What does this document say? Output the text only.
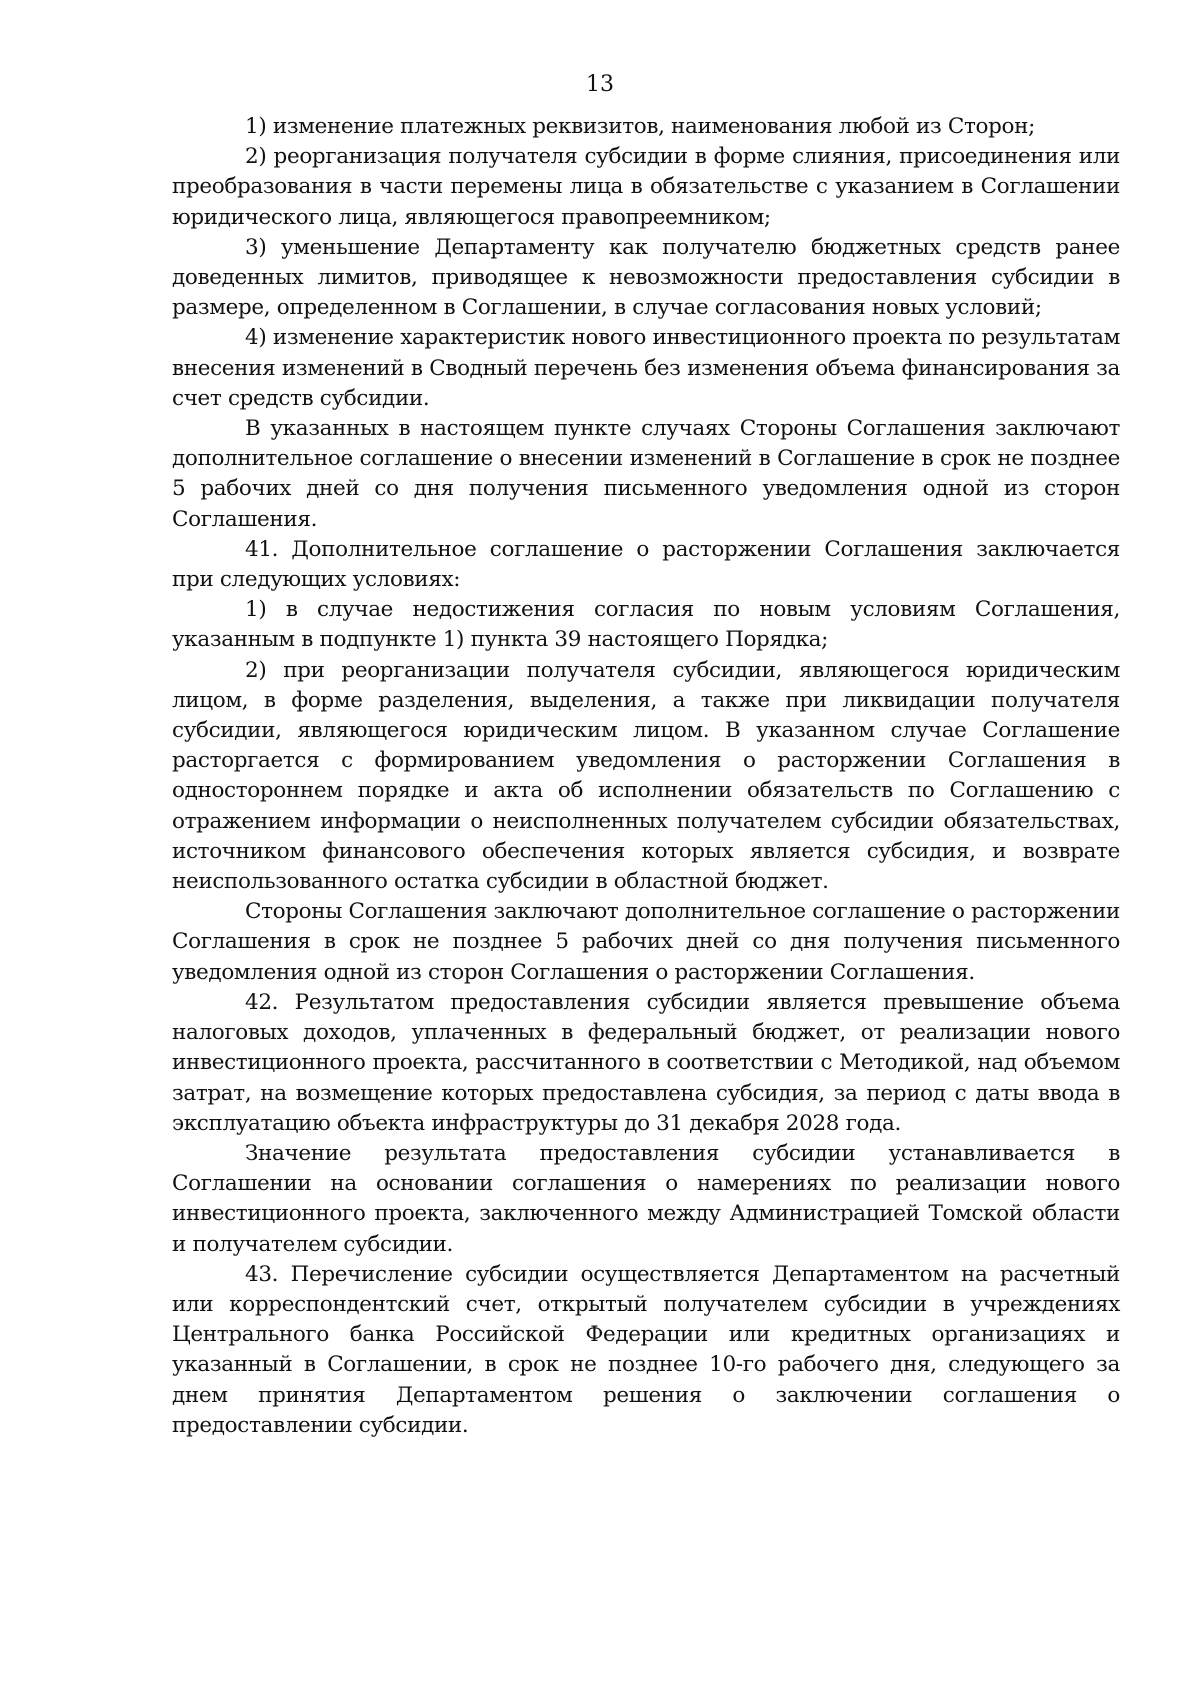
13

1) изменение платежных реквизитов, наименования любой из Сторон;

2) реорганизация получателя субсидии в форме слияния, присоединения или преобразования в части перемены лица в обязательстве с указанием в Соглашении юридического лица, являющегося правопреемником;

3) уменьшение Департаменту как получателю бюджетных средств ранее доведенных лимитов, приводящее к невозможности предоставления субсидии в размере, определенном в Соглашении, в случае согласования новых условий;

4) изменение характеристик нового инвестиционного проекта по результатам внесения изменений в Сводный перечень без изменения объема финансирования за счет средств субсидии.

В указанных в настоящем пункте случаях Стороны Соглашения заключают дополнительное соглашение о внесении изменений в Соглашение в срок не позднее 5 рабочих дней со дня получения письменного уведомления одной из сторон Соглашения.

41. Дополнительное соглашение о расторжении Соглашения заключается при следующих условиях:

1) в случае недостижения согласия по новым условиям Соглашения, указанным в подпункте 1) пункта 39 настоящего Порядка;

2) при реорганизации получателя субсидии, являющегося юридическим лицом, в форме разделения, выделения, а также при ликвидации получателя субсидии, являющегося юридическим лицом. В указанном случае Соглашение расторгается с формированием уведомления о расторжении Соглашения в одностороннем порядке и акта об исполнении обязательств по Соглашению с отражением информации о неисполненных получателем субсидии обязательствах, источником финансового обеспечения которых является субсидия, и возврате неиспользованного остатка субсидии в областной бюджет.

Стороны Соглашения заключают дополнительное соглашение о расторжении Соглашения в срок не позднее 5 рабочих дней со дня получения письменного уведомления одной из сторон Соглашения о расторжении Соглашения.

42. Результатом предоставления субсидии является превышение объема налоговых доходов, уплаченных в федеральный бюджет, от реализации нового инвестиционного проекта, рассчитанного в соответствии с Методикой, над объемом затрат, на возмещение которых предоставлена субсидия, за период с даты ввода в эксплуатацию объекта инфраструктуры до 31 декабря 2028 года.

Значение результата предоставления субсидии устанавливается в Соглашении на основании соглашения о намерениях по реализации нового инвестиционного проекта, заключенного между Администрацией Томской области и получателем субсидии.

43. Перечисление субсидии осуществляется Департаментом на расчетный или корреспондентский счет, открытый получателем субсидии в учреждениях Центрального банка Российской Федерации или кредитных организациях и указанный в Соглашении, в срок не позднее 10-го рабочего дня, следующего за днем принятия Департаментом решения о заключении соглашения о предоставлении субсидии.
